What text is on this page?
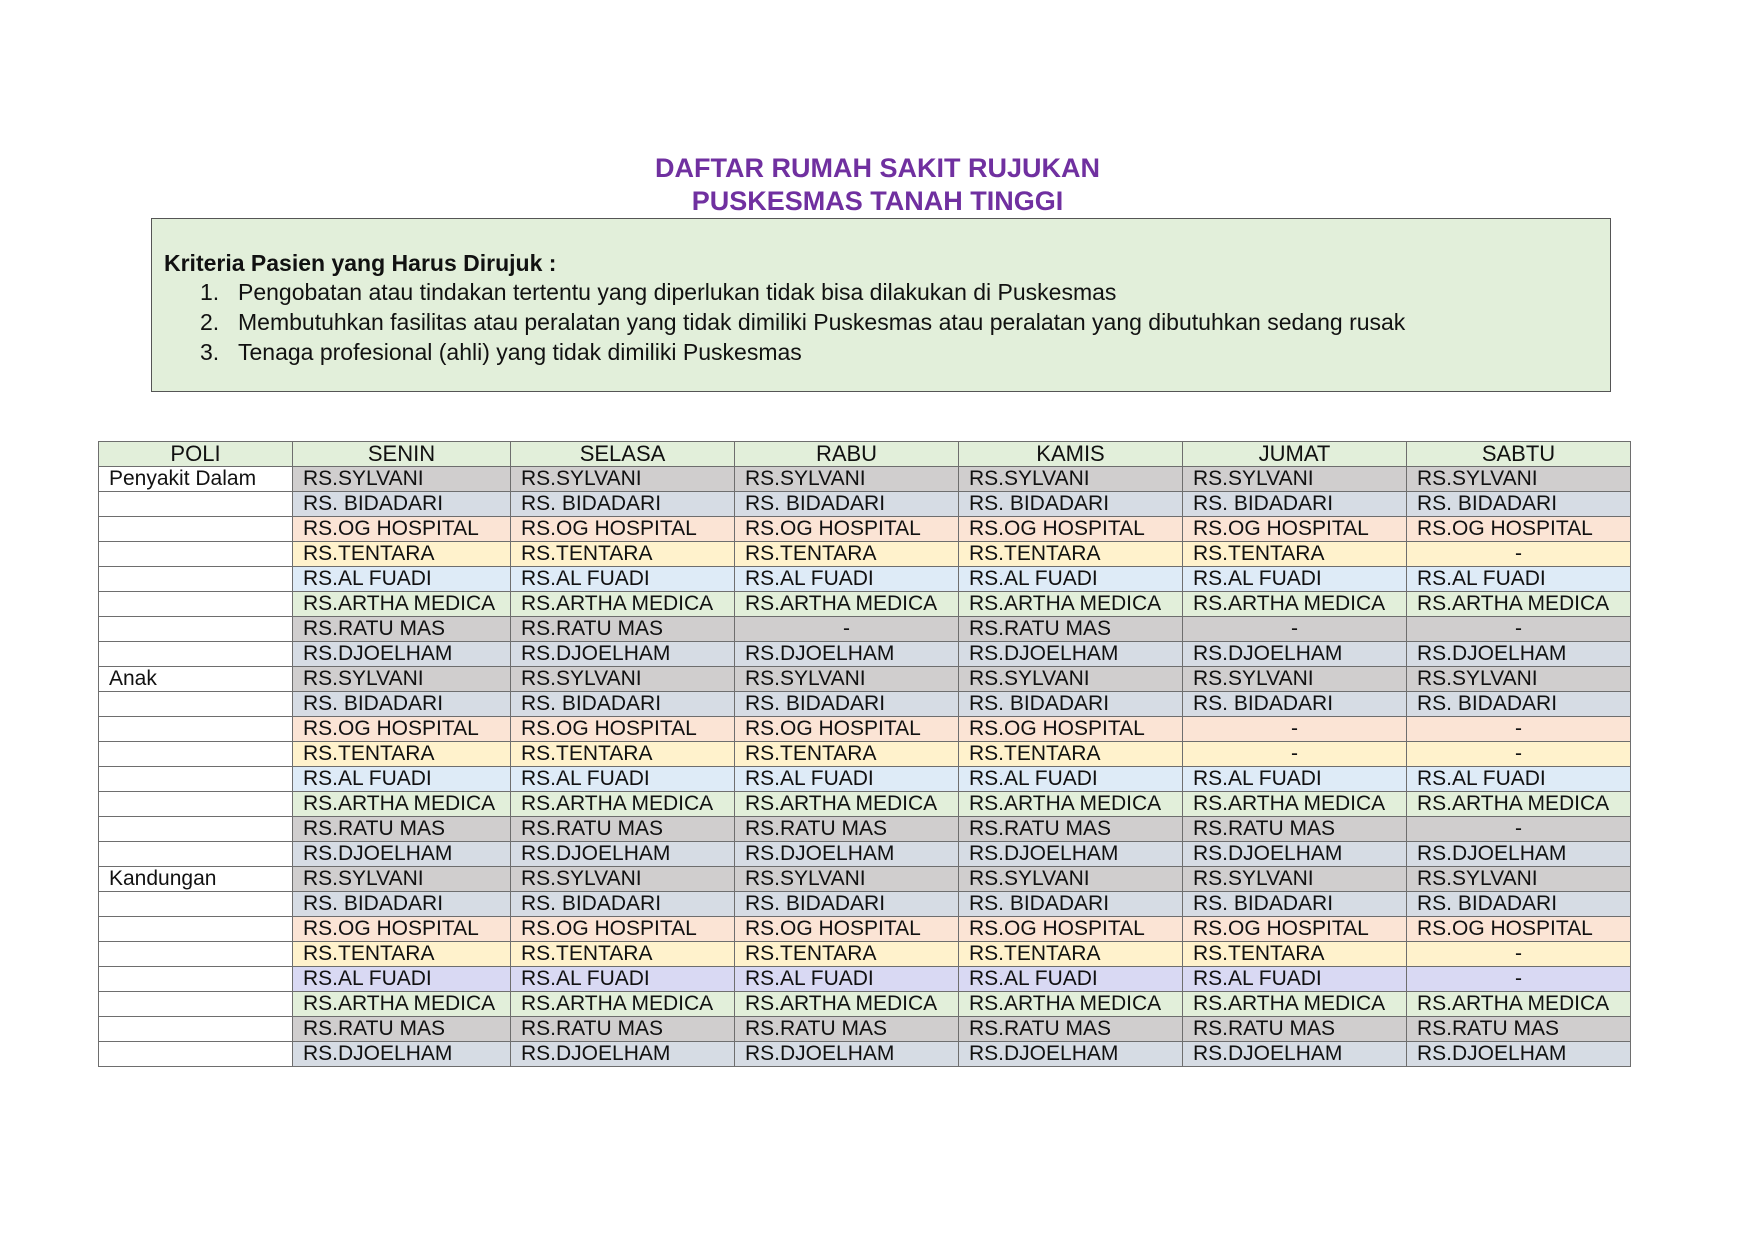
DAFTAR RUMAH SAKIT RUJUKAN
PUSKESMAS TANAH TINGGI
Kriteria Pasien yang Harus Dirujuk :
1. Pengobatan atau tindakan tertentu yang diperlukan tidak bisa dilakukan di Puskesmas
2. Membutuhkan fasilitas atau peralatan yang tidak dimiliki Puskesmas atau peralatan yang dibutuhkan sedang rusak
3. Tenaga profesional (ahli) yang tidak dimiliki Puskesmas
POLI	SENIN	SELASA	RABU	KAMIS	JUMAT	SABTU
Penyakit Dalam	RS.SYLVANI	RS.SYLVANI	RS.SYLVANI	RS.SYLVANI	RS.SYLVANI	RS.SYLVANI
	RS. BIDADARI	RS. BIDADARI	RS. BIDADARI	RS. BIDADARI	RS. BIDADARI	RS. BIDADARI
	RS.OG HOSPITAL	RS.OG HOSPITAL	RS.OG HOSPITAL	RS.OG HOSPITAL	RS.OG HOSPITAL	RS.OG HOSPITAL
	RS.TENTARA	RS.TENTARA	RS.TENTARA	RS.TENTARA	RS.TENTARA	-
	RS.AL FUADI	RS.AL FUADI	RS.AL FUADI	RS.AL FUADI	RS.AL FUADI	RS.AL FUADI
	RS.ARTHA MEDICA	RS.ARTHA MEDICA	RS.ARTHA MEDICA	RS.ARTHA MEDICA	RS.ARTHA MEDICA	RS.ARTHA MEDICA
	RS.RATU MAS	RS.RATU MAS	-	RS.RATU MAS	-	-
	RS.DJOELHAM	RS.DJOELHAM	RS.DJOELHAM	RS.DJOELHAM	RS.DJOELHAM	RS.DJOELHAM
Anak	RS.SYLVANI	RS.SYLVANI	RS.SYLVANI	RS.SYLVANI	RS.SYLVANI	RS.SYLVANI
	RS. BIDADARI	RS. BIDADARI	RS. BIDADARI	RS. BIDADARI	RS. BIDADARI	RS. BIDADARI
	RS.OG HOSPITAL	RS.OG HOSPITAL	RS.OG HOSPITAL	RS.OG HOSPITAL	-	-
	RS.TENTARA	RS.TENTARA	RS.TENTARA	RS.TENTARA	-	-
	RS.AL FUADI	RS.AL FUADI	RS.AL FUADI	RS.AL FUADI	RS.AL FUADI	RS.AL FUADI
	RS.ARTHA MEDICA	RS.ARTHA MEDICA	RS.ARTHA MEDICA	RS.ARTHA MEDICA	RS.ARTHA MEDICA	RS.ARTHA MEDICA
	RS.RATU MAS	RS.RATU MAS	RS.RATU MAS	RS.RATU MAS	RS.RATU MAS	-
	RS.DJOELHAM	RS.DJOELHAM	RS.DJOELHAM	RS.DJOELHAM	RS.DJOELHAM	RS.DJOELHAM
Kandungan	RS.SYLVANI	RS.SYLVANI	RS.SYLVANI	RS.SYLVANI	RS.SYLVANI	RS.SYLVANI
	RS. BIDADARI	RS. BIDADARI	RS. BIDADARI	RS. BIDADARI	RS. BIDADARI	RS. BIDADARI
	RS.OG HOSPITAL	RS.OG HOSPITAL	RS.OG HOSPITAL	RS.OG HOSPITAL	RS.OG HOSPITAL	RS.OG HOSPITAL
	RS.TENTARA	RS.TENTARA	RS.TENTARA	RS.TENTARA	RS.TENTARA	-
	RS.AL FUADI	RS.AL FUADI	RS.AL FUADI	RS.AL FUADI	RS.AL FUADI	-
	RS.ARTHA MEDICA	RS.ARTHA MEDICA	RS.ARTHA MEDICA	RS.ARTHA MEDICA	RS.ARTHA MEDICA	RS.ARTHA MEDICA
	RS.RATU MAS	RS.RATU MAS	RS.RATU MAS	RS.RATU MAS	RS.RATU MAS	RS.RATU MAS
	RS.DJOELHAM	RS.DJOELHAM	RS.DJOELHAM	RS.DJOELHAM	RS.DJOELHAM	RS.DJOELHAM
